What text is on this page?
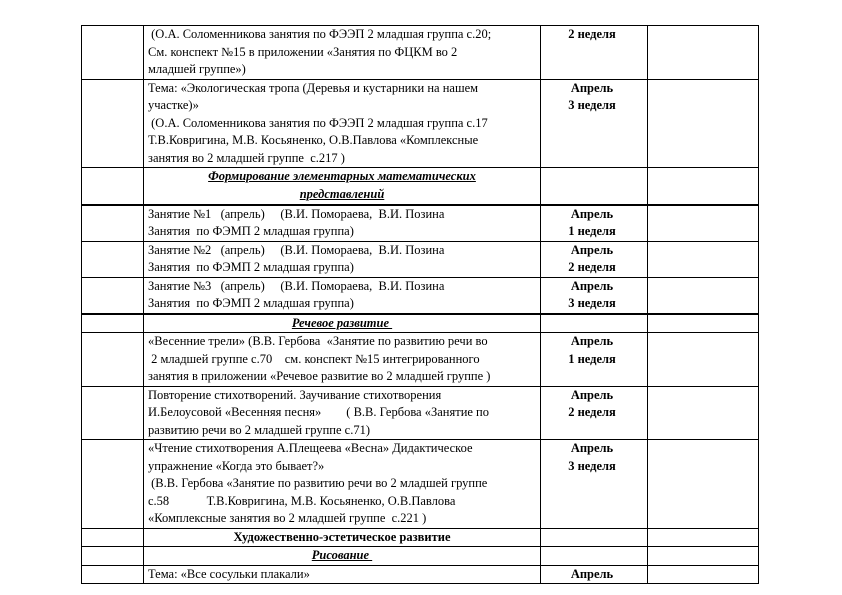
	(О.А. Соломенникова занятия по ФЭЭП 2 младшая группа с.20;
См. конспект №15 в приложении «Занятия по ФЦКМ во 2
младшей группе»)	2 неделя	

	Тема: «Экологическая тропа (Деревья и кустарники на нашем
участке)»
(О.А. Соломенникова занятия по ФЭЭП 2 младшая группа с.17
Т.В.Ковригина, М.В. Косьяненко, О.В.Павлова «Комплексные
занятия во 2 младшей группе  с.217 )	Апрель
3 неделя	

	Формирование элементарных математических
представлений		

	Занятие №1   (апрель)     (В.И. Помораева,  В.И. Позина
Занятия  по ФЭМП 2 младшая группа)	Апрель
1 неделя	

	Занятие №2   (апрель)     (В.И. Помораева,  В.И. Позина
Занятия  по ФЭМП 2 младшая группа)	Апрель
2 неделя	

	Занятие №3   (апрель)     (В.И. Помораева,  В.И. Позина
Занятия  по ФЭМП 2 младшая группа)	Апрель
3 неделя	

	Речевое развитие		

	«Весенние трели» (В.В. Гербова  «Занятие по развитию речи во
2 младшей группе с.70    см. конспект №15 интегрированного
занятия в приложении «Речевое развитие во 2 младшей группе )	Апрель
1 неделя	

	Повторение стихотворений. Заучивание стихотворения
И.Белоусовой «Весенняя песня»        ( В.В. Гербова «Занятие по
развитию речи во 2 младшей группе с.71)	Апрель
2 неделя	

	«Чтение стихотворения А.Плещеева «Весна» Дидактическое
упражнение «Когда это бывает?»
(В.В. Гербова «Занятие по развитию речи во 2 младшей группе
с.58            Т.В.Ковригина, М.В. Косьяненко, О.В.Павлова
«Комплексные занятия во 2 младшей группе  с.221 )	Апрель
3 неделя	

	Художественно-эстетическое развитие		

	Рисование		

	Тема: «Все сосульки плакали»	Апрель	
